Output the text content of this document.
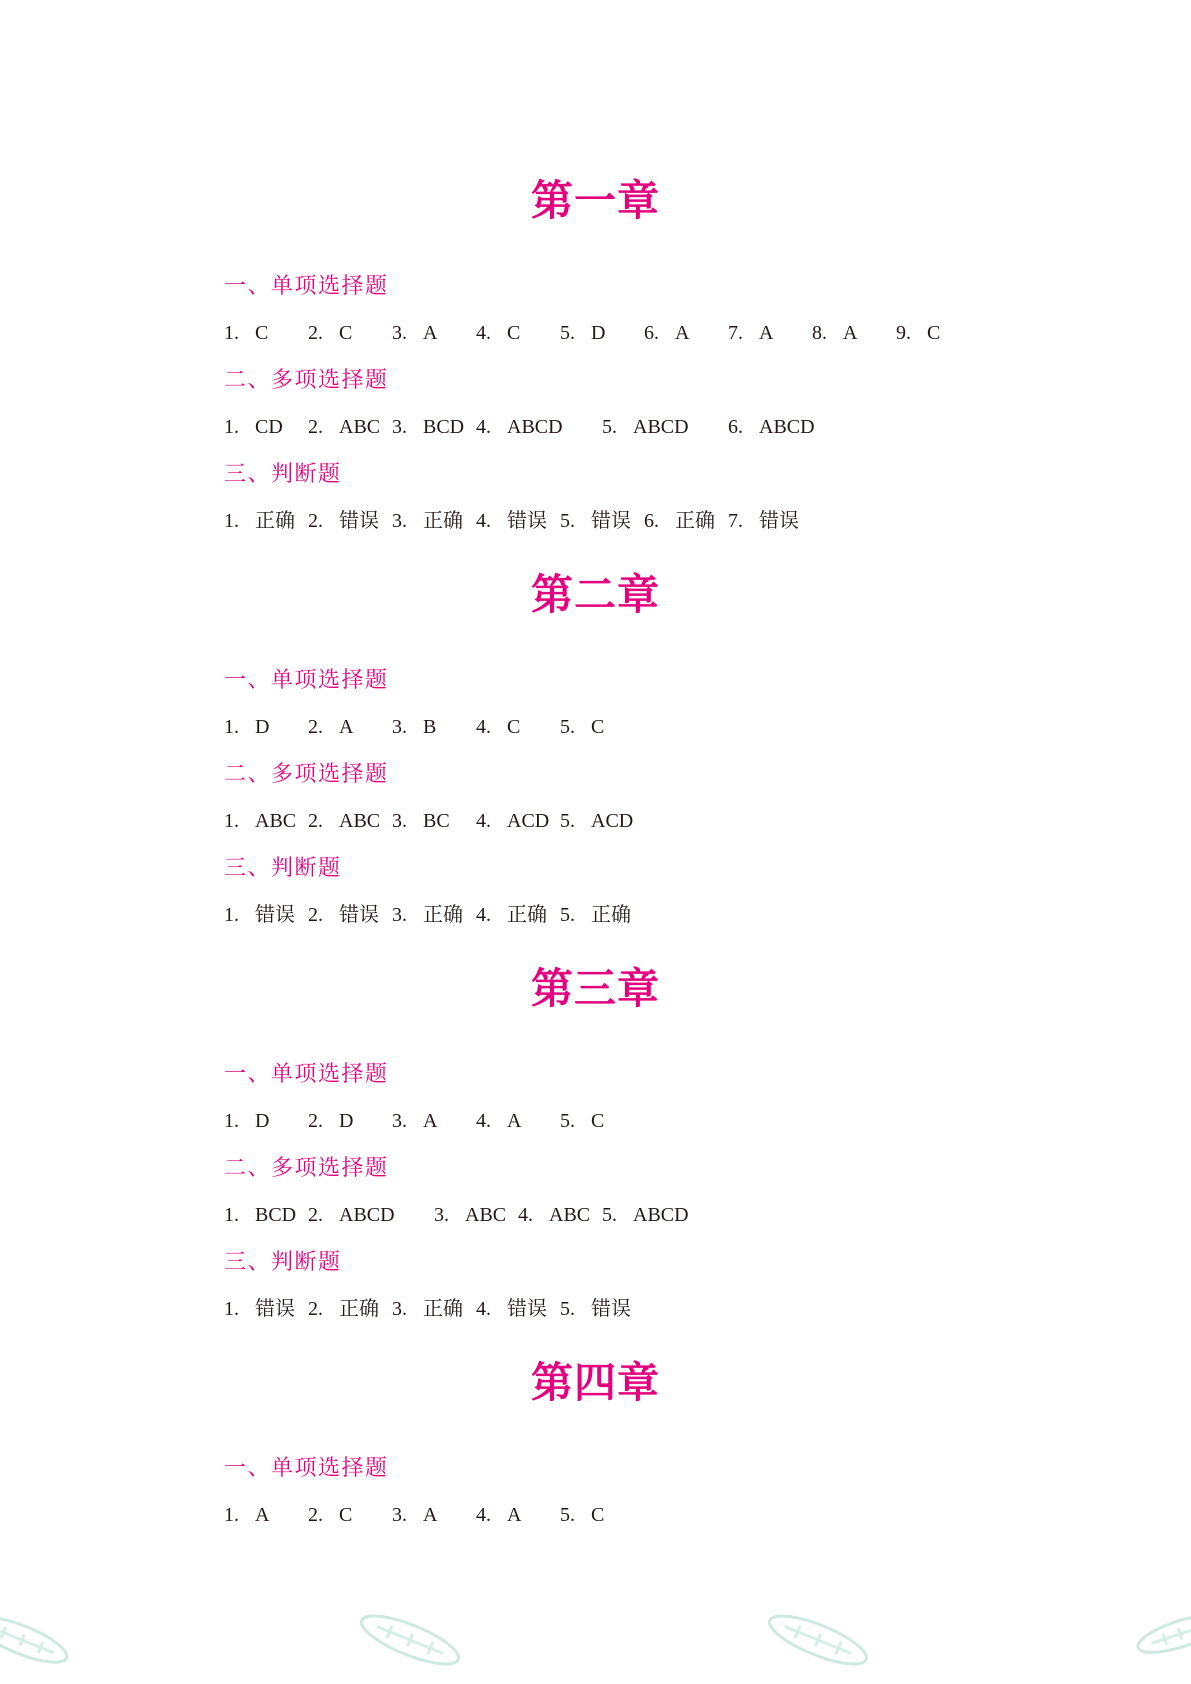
第一章
一、单项选择题
1. C 2. C 3. A 4. C 5. D 6. A 7. A 8. A 9. C
二、多项选择题
1. CD 2. ABC 3. BCD 4. ABCD 5. ABCD 6. ABCD
三、判断题
1. 正确 2. 错误 3. 正确 4. 错误 5. 错误 6. 正确 7. 错误
第二章
一、单项选择题
1. D 2. A 3. B 4. C 5. C
二、多项选择题
1. ABC 2. ABC 3. BC 4. ACD 5. ACD
三、判断题
1. 错误 2. 错误 3. 正确 4. 正确 5. 正确
第三章
一、单项选择题
1. D 2. D 3. A 4. A 5. C
二、多项选择题
1. BCD 2. ABCD 3. ABC 4. ABC 5. ABCD
三、判断题
1. 错误 2. 正确 3. 正确 4. 错误 5. 错误
第四章
一、单项选择题
1. A 2. C 3. A 4. A 5. C
